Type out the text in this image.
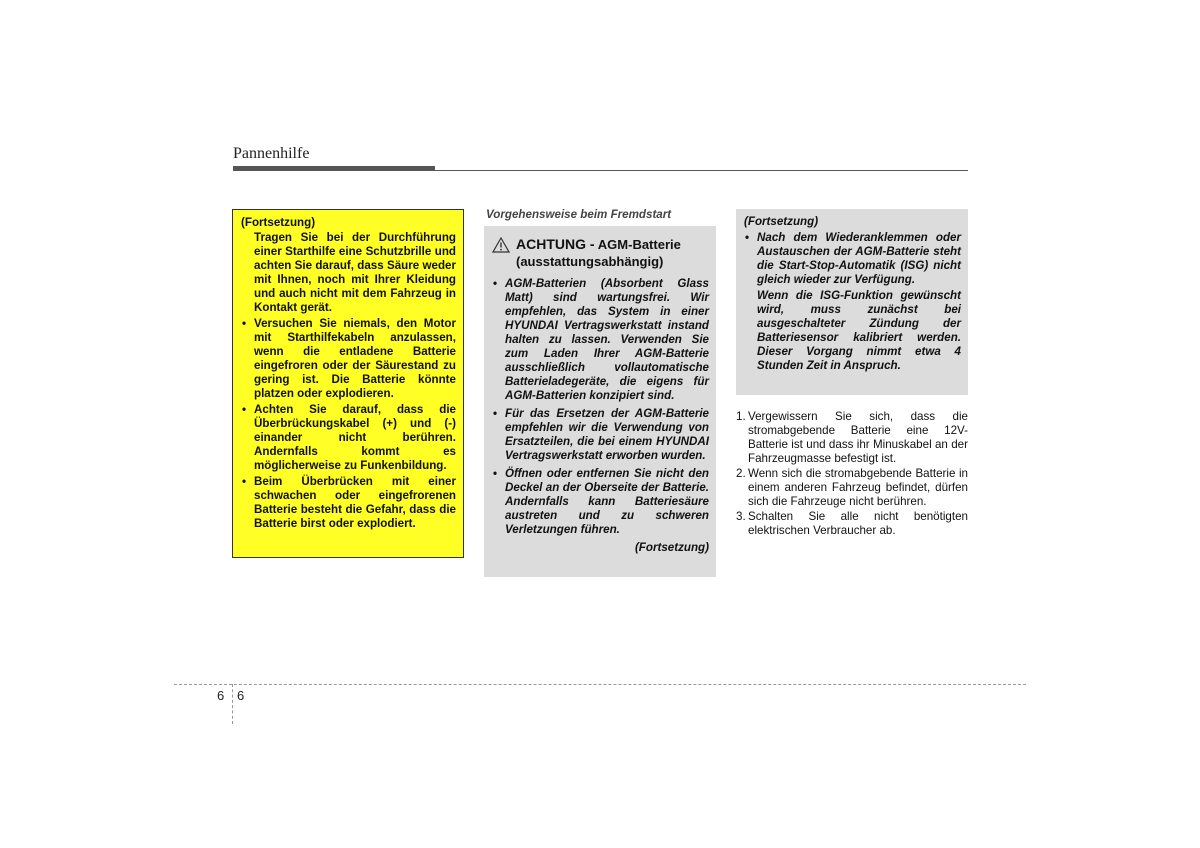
Pannenhilfe
(Fortsetzung)
Tragen Sie bei der Durchführung einer Starthilfe eine Schutzbrille und achten Sie darauf, dass Säure weder mit Ihnen, noch mit Ihrer Kleidung und auch nicht mit dem Fahrzeug in Kontakt gerät.
• Versuchen Sie niemals, den Motor mit Starthilfekabeln anzulassen, wenn die entladene Batterie eingefroren oder der Säurestand zu gering ist. Die Batterie könnte platzen oder explodieren.
• Achten Sie darauf, dass die Überbrückungskabel (+) und (-) einander nicht berühren. Andernfalls kommt es möglicherweise zu Funkenbildung.
• Beim Überbrücken mit einer schwachen oder eingefrorenen Batterie besteht die Gefahr, dass die Batterie birst oder explodiert.
Vorgehensweise beim Fremdstart
ACHTUNG - AGM-Batterie
(ausstattungsabhängig)
• AGM-Batterien (Absorbent Glass Matt) sind wartungsfrei. Wir empfehlen, das System in einer HYUNDAI Vertragswerkstatt instand halten zu lassen. Verwenden Sie zum Laden Ihrer AGM-Batterie ausschließlich vollautomatische Batterieladegeräte, die eigens für AGM-Batterien konzipiert sind.
• Für das Ersetzen der AGM-Batterie empfehlen wir die Verwendung von Ersatzteilen, die bei einem HYUNDAI Vertragswerkstatt erworben wurden.
• Öffnen oder entfernen Sie nicht den Deckel an der Oberseite der Batterie. Andernfalls kann Batteriesäure austreten und zu schweren Verletzungen führen.
(Fortsetzung)
(Fortsetzung)
• Nach dem Wiederanklemmen oder Austauschen der AGM-Batterie steht die Start-Stop-Automatik (ISG) nicht gleich wieder zur Verfügung.
Wenn die ISG-Funktion gewünscht wird, muss zunächst bei ausgeschalteter Zündung der Batteriesensor kalibriert werden. Dieser Vorgang nimmt etwa 4 Stunden Zeit in Anspruch.
1. Vergewissern Sie sich, dass die stromabgebende Batterie eine 12V-Batterie ist und dass ihr Minuskabel an der Fahrzeugmasse befestigt ist.
2. Wenn sich die stromabgebende Batterie in einem anderen Fahrzeug befindet, dürfen sich die Fahrzeuge nicht berühren.
3. Schalten Sie alle nicht benötigten elektrischen Verbraucher ab.
6 6
